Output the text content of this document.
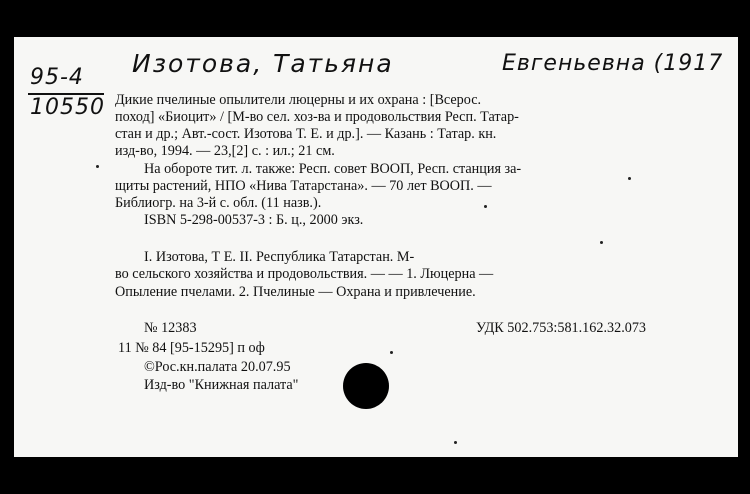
95-4
10550
Изотова, Татьяна	Евгеньевна (1917
Дикие пчелиные опылители люцерны и их охрана : [Всерос.
поход] «Биоцит» / [М-во сел. хоз-ва и продовольствия Респ. Татар-
стан и др.; Авт.-сост. Изотова Т. Е. и др.]. — Казань : Татар. кн.
изд-во, 1994. — 23,[2] с. : ил.; 21 см.
На обороте тит. л. также: Респ. совет ВООП, Респ. станция за-
щиты растений, НПО «Нива Татарстана». — 70 лет ВООП. —
Библиогр. на 3-й с. обл. (11 назв.).
ISBN 5-298-00537-3 : Б. ц., 2000 экз.
I. Изотова, Т Е. II. Республика Татарстан. М-
во сельского хозяйства и продовольствия. — — 1. Люцерна —
Опыление пчелами. 2. Пчелиные — Охрана и привлечение.
№ 12383	УДК 502.753:581.162.32.073
11 № 84 [95-15295] п оф
©Рос.кн.палата 20.07.95
Изд-во "Книжная палата"
